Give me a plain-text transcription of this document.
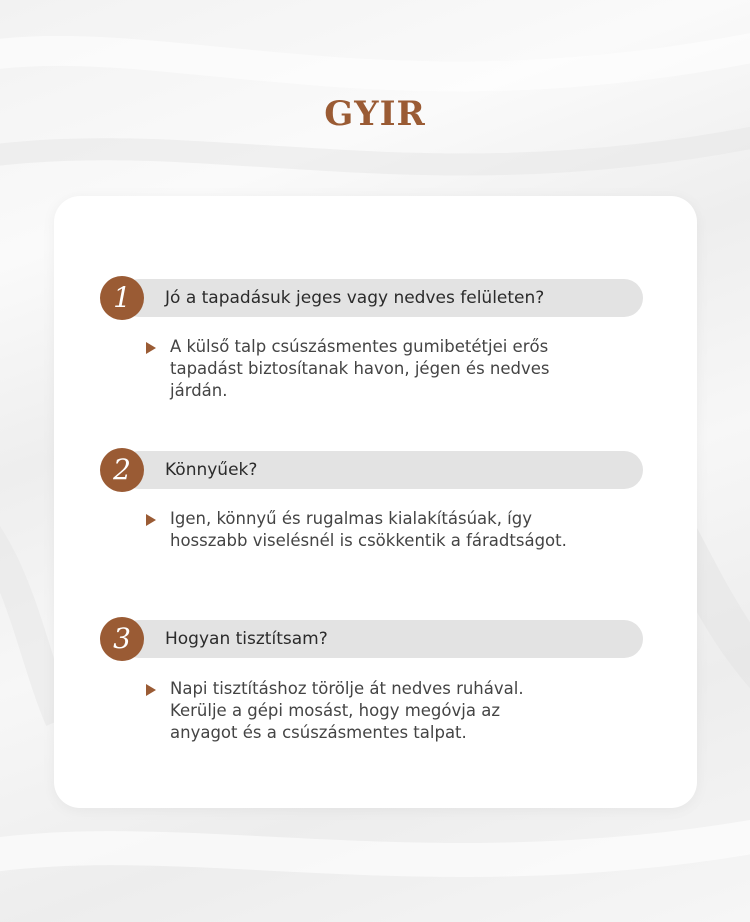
GYIR
1	Jó a tapadásuk jeges vagy nedves felületen?
A külső talp csúszásmentes gumibetétjei erős
tapadást biztosítanak havon, jégen és nedves
járdán.
2	Könnyűek?
Igen, könnyű és rugalmas kialakításúak, így
hosszabb viselésnél is csökkentik a fáradtságot.
3	Hogyan tisztítsam?
Napi tisztításhoz törölje át nedves ruhával.
Kerülje a gépi mosást, hogy megóvja az
anyagot és a csúszásmentes talpat.
